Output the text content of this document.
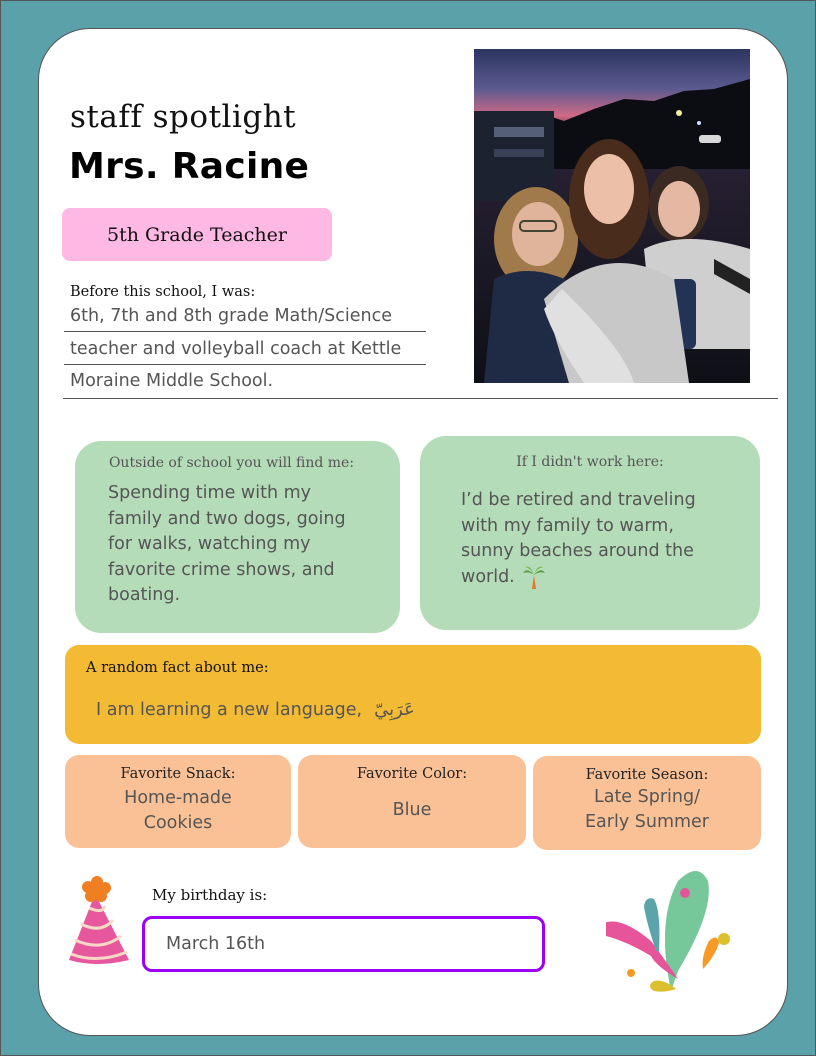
staff spotlight
Mrs. Racine
5th Grade Teacher
Before this school, I was:
6th, 7th and 8th grade Math/Science
teacher and volleyball coach at Kettle
Moraine Middle School.
Outside of school you will find me:
Spending time with my
family and two dogs, going
for walks, watching my
favorite crime shows, and
boating.
If I didn't work here:
I’d be retired and traveling
with my family to warm,
sunny beaches around the
world.
A random fact about me:
I am learning a new language, عَرَبِيّ
Favorite Snack:
Home-made
Cookies
Favorite Color:
Blue
Favorite Season:
Late Spring/
Early Summer
My birthday is:
March 16th
